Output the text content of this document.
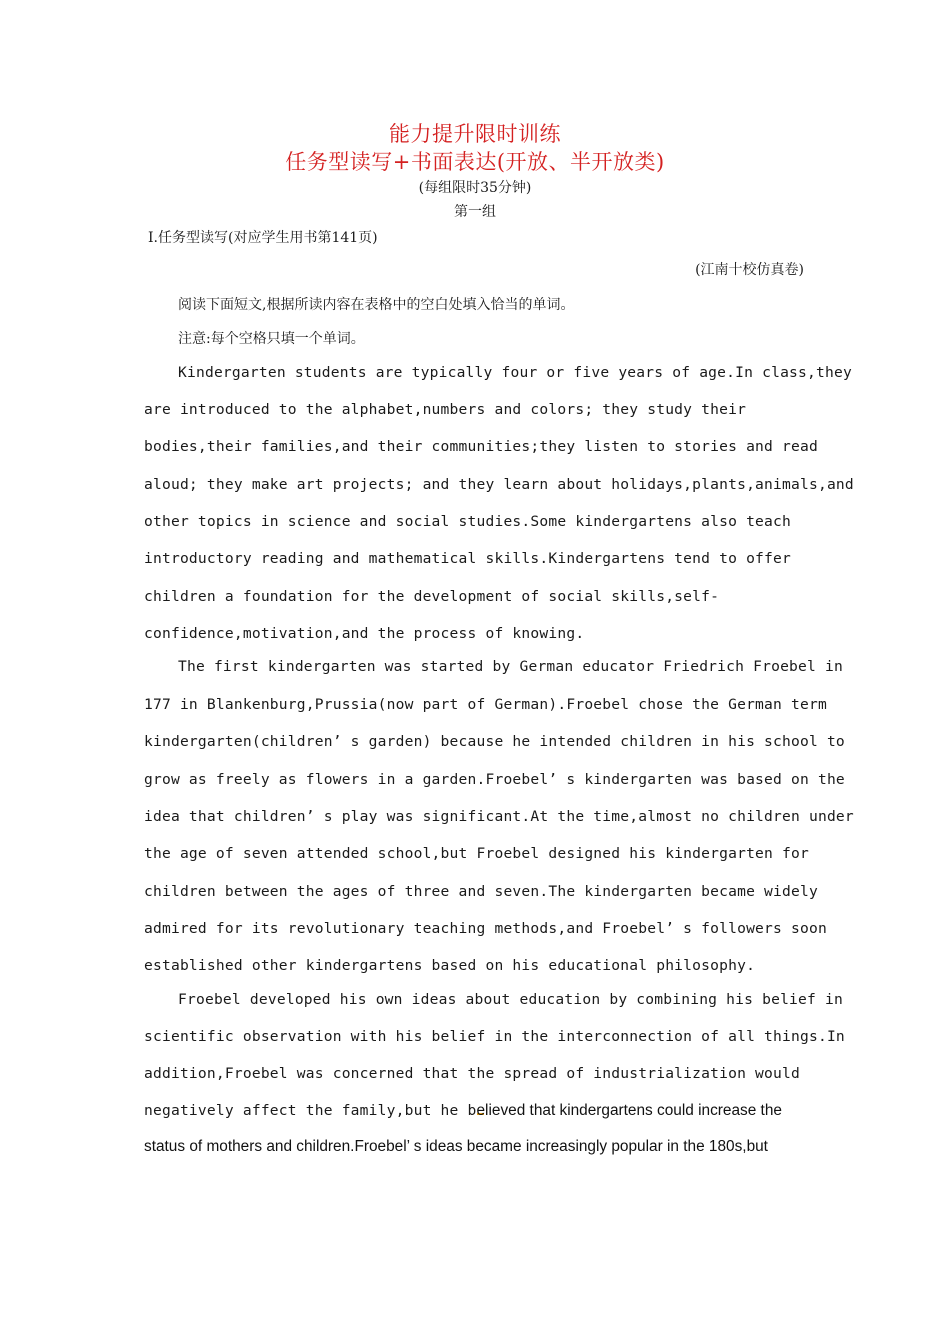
能力提升限时训练
任务型读写+书面表达(开放、半开放类)
(每组限时35分钟)
第一组
Ⅰ.任务型读写(对应学生用书第141页)
(江南十校仿真卷)
阅读下面短文,根据所读内容在表格中的空白处填入恰当的单词。
注意:每个空格只填一个单词。
Kindergarten students are typically four or five years of age.In class,they
are introduced to the alphabet,numbers and colors; they study their
bodies,their families,and their communities;they listen to stories and read
aloud; they make art projects; and they learn about holidays,plants,animals,and
other topics in science and social studies.Some kindergartens also teach
introductory reading and mathematical skills.Kindergartens tend to offer
children a foundation for the development of social skills,self-
confidence,motivation,and the process of knowing.
The first kindergarten was started by German educator Friedrich Froebel in
177 in Blankenburg,Prussia(now part of German).Froebel chose the German term
kindergarten(children’ s garden) because he intended children in his school to
grow as freely as flowers in a garden.Froebel’ s kindergarten was based on the
idea that children’ s play was significant.At the time,almost no children under
the age of seven attended school,but Froebel designed his kindergarten for
children between the ages of three and seven.The kindergarten became widely
admired for its revolutionary teaching methods,and Froebel’ s followers soon
established other kindergartens based on his educational philosophy.
Froebel developed his own ideas about education by combining his belief in
scientific observation with his belief in the interconnection of all things.In
addition,Froebel was concerned that the spread of industrialization would
negatively affect the family,but he believed that kindergartens could increase the
status of mothers and children.Froebel’ s ideas became increasingly popular in the 180s,but
